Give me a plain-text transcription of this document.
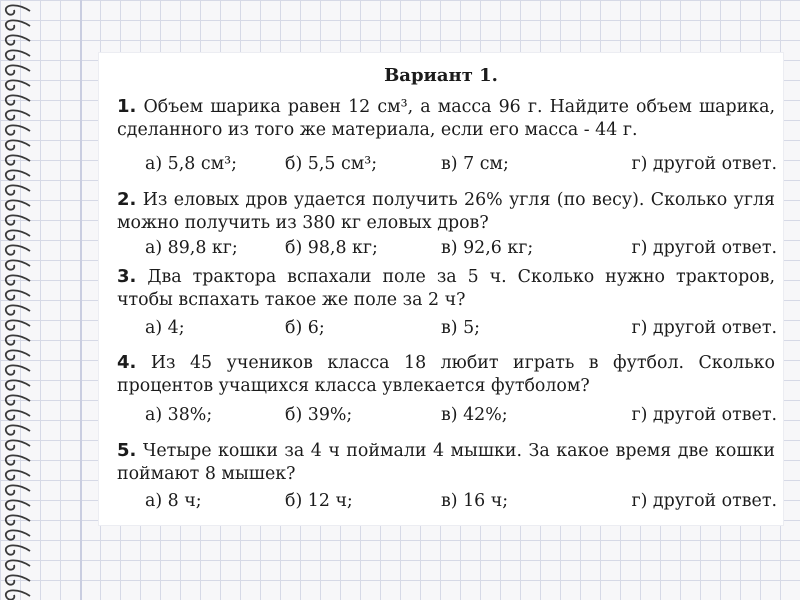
Вариант 1.
1. Объем шарика равен 12 см³, а масса 96 г. Найдите объем шарика, сделанного из того же материала, если его масса - 44 г.
а) 5,8 см³;	б) 5,5 см³;	в) 7 см;	г) другой ответ.
2. Из еловых дров удается получить 26% угля (по весу). Сколько угля можно получить из 380 кг еловых дров?
а) 89,8 кг;	б) 98,8 кг;	в) 92,6 кг;	г) другой ответ.
3. Два трактора вспахали поле за 5 ч. Сколько нужно тракторов, чтобы вспахать такое же поле за 2 ч?
а) 4;	б) 6;	в) 5;	г) другой ответ.
4. Из 45 учеников класса 18 любит играть в футбол. Сколько процентов учащихся класса увлекается футболом?
а) 38%;	б) 39%;	в) 42%;	г) другой ответ.
5. Четыре кошки за 4 ч поймали 4 мышки. За какое время две кошки поймают 8 мышек?
а) 8 ч;	б) 12 ч;	в) 16 ч;	г) другой ответ.
